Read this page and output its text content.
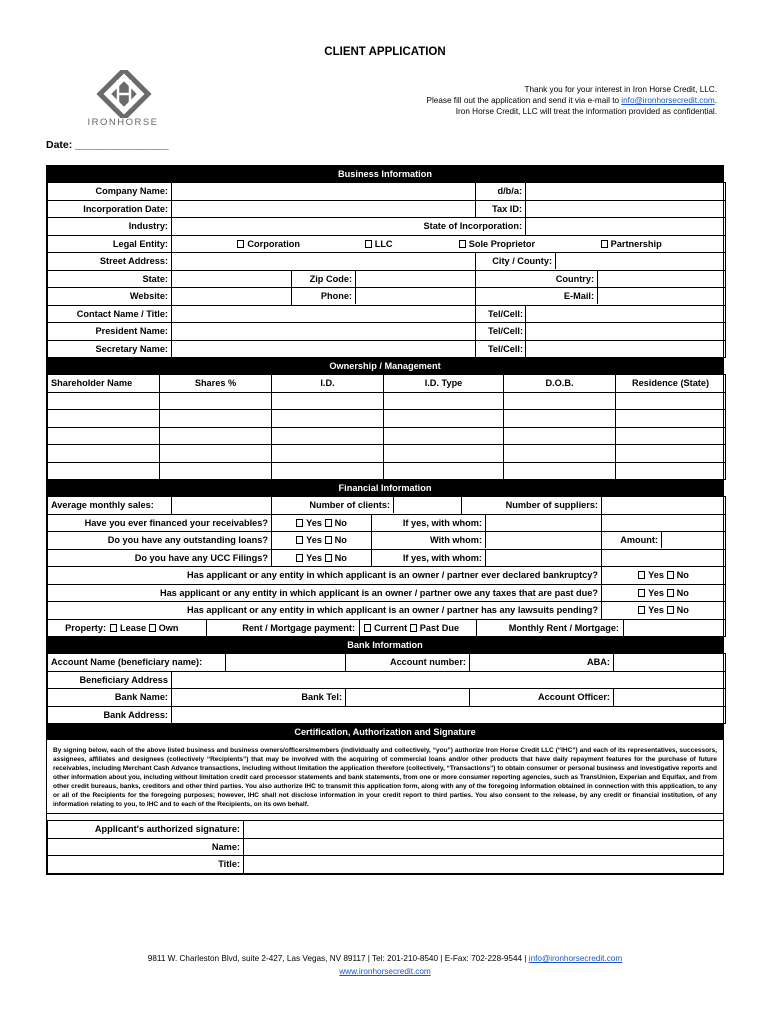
CLIENT APPLICATION
IRONHORSE
Thank you for your interest in Iron Horse Credit, LLC.
Please fill out the application and send it via e-mail to info@ironhorsecredit.com.
Iron Horse Credit, LLC will treat the information provided as confidential.
Date: ________________
Business Information
Company Name:				d/b/a:	
Incorporation Date:				Tax ID:	
Industry:			State of Incorporation:		
Legal Entity:	Corporation LLC Sole Proprietor Partnership				
Street Address:				City / County:	
State:		Zip Code:		Country:	
Website:		Phone:		E-Mail:	
Contact Name / Title:				Tel/Cell:	
President Name:				Tel/Cell:	
Secretary Name:				Tel/Cell:	
Ownership / Management
Shareholder Name	Shares %	I.D.	I.D. Type	D.O.B.	Residence (State)

Financial Information
Average monthly sales:		Number of clients:		Number of suppliers:	
Have you ever financed your receivables?		Yes No	If yes, with whom:		
Do you have any outstanding loans?		Yes No	With whom:		Amount:
Do you have any UCC Filings?		Yes No	If yes, with whom:		
Has applicant or any entity in which applicant is an owner / partner ever declared bankruptcy?					Yes No
Has applicant or any entity in which applicant is an owner / partner owe any taxes that are past due?					Yes No
Has applicant or any entity in which applicant is an owner / partner has any lawsuits pending?					Yes No
Property: Lease Own Rent / Mortgage payment: Current Past Due Monthly Rent / Mortgage:					
Bank Information
Account Name (beneficiary name):			Account number:	ABA:	
Beneficiary Address					
Bank Name:	Bank Tel:			Account Officer:	
Bank Address:					
Certification, Authorization and Signature
By signing below, each of the above listed business and business owners/officers/members (individually and collectively, “you”) authorize Iron Horse Credit LLC (“IHC”) and each of its representatives, successors, assignees, affiliates and designees (collectively “Recipients”) that may be involved with the acquiring of commercial loans and/or other products that have daily repayment features for the purchase of future receivables, including Merchant Cash Advance transactions, including without limitation the application therefore (collectively, “Transactions”) to obtain consumer or personal business and investigative reports and other information about you, including without limitation credit card processor statements and bank statements, from one or more consumer reporting agencies, such as TransUnion, Experian and Equifax, and from other credit bureaus, banks, creditors and other third parties. You also authorize IHC to transmit this application form, along with any of the foregoing information obtained in connection with this application, to any or all of the Recipients for the foregoing purposes; however, IHC shall not disclose information in your credit report to third parties. You also consent to the release, by any credit or financial institution, of any information relating to you, to IHC and to each of the Recipients, on its own behalf.
Applicant's authorized signature:	
Name:	
Title:	
9811 W. Charleston Blvd, suite 2-427, Las Vegas, NV 89117 | Tel: 201-210-8540 | E-Fax: 702-228-9544 | info@ironhorsecredit.com
www.ironhorsecredit.com
